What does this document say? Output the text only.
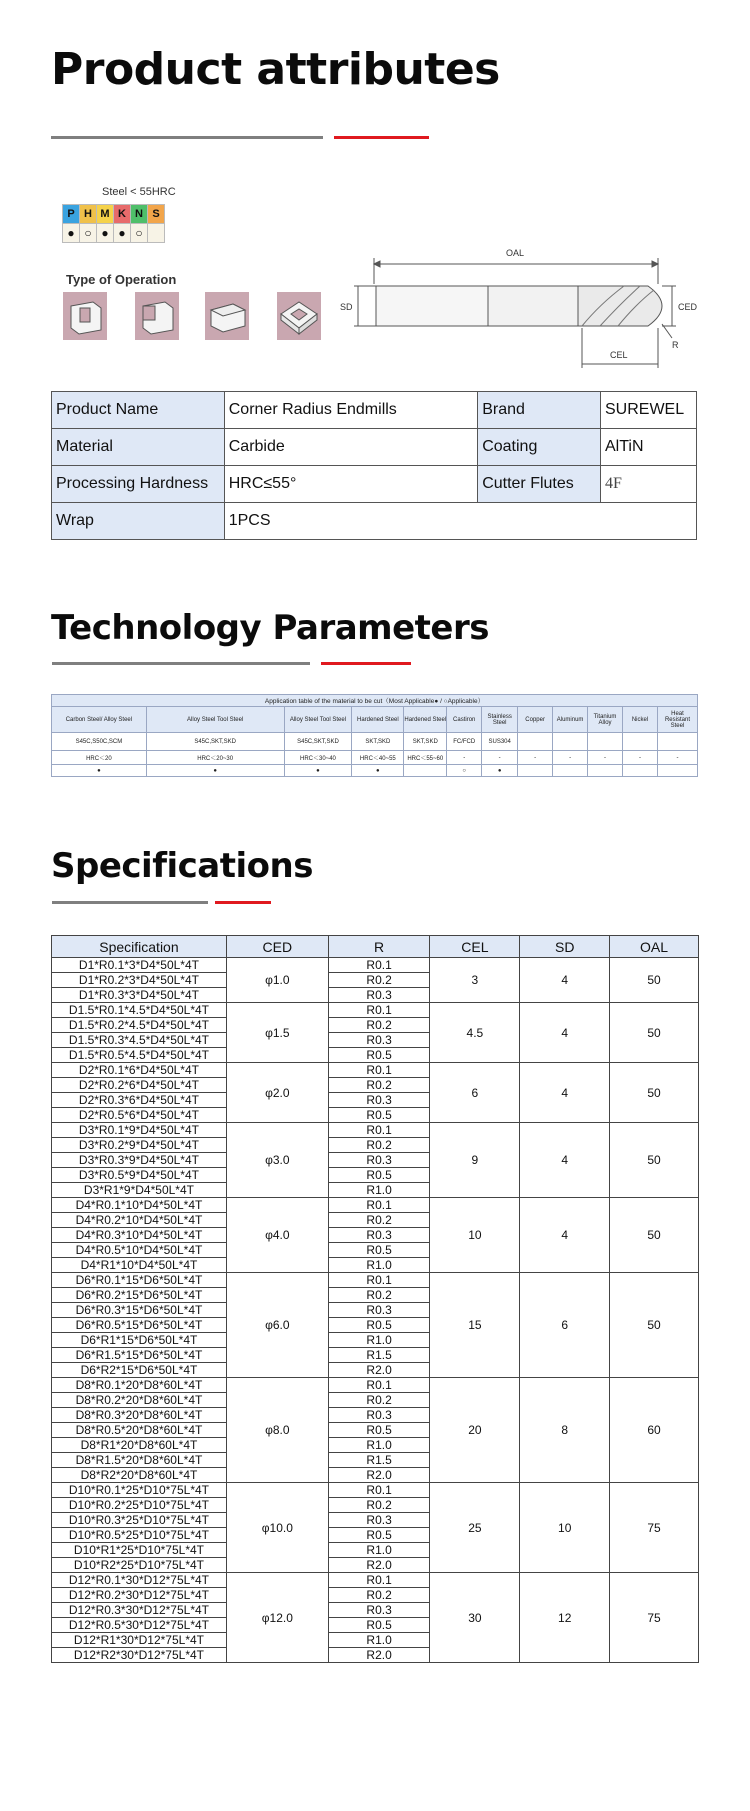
Product attributes
Steel < 55HRC
P	H	M	K	N	S
●	○	●	●	○	
Type of Operation
OAL
SD	CED
CEL
R
Product Name	Corner Radius Endmills	Brand	SUREWEL
Material	Carbide	Coating	AlTiN
Processing Hardness	HRC≤55°	Cutter Flutes	4F
Wrap	1PCS		
Technology Parameters
Application table of the material to be cut（Most Applicable● / ○Applicable）											
Carbon Steel/ Alloy Steel	Alloy Steel Tool Steel	Alloy Steel Tool Steel	Hardened Steel	Hardened Steel	Castiron	Stainless Steel	Copper	Aluminum	Titanium Alloy	Nickel	Heat Resistant Steel
S45C,S50C,SCM	S45C,SKT,SKD	S45C,SKT,SKD	SKT,SKD	SKT,SKD	FC/FCD	SUS304					
HRC＜20	HRC＜20~30	HRC＜30~40	HRC＜40~55	HRC＜55~60	-	-	-	-	-	-	-
●	●	●	●		○	●					
Specifications
Specification	CED	R	CEL	SD	OAL
D1*R0.1*3*D4*50L*4T	φ1.0	R0.1	3	4	50
D1*R0.2*3*D4*50L*4T		R0.2			
D1*R0.3*3*D4*50L*4T		R0.3			
D1.5*R0.1*4.5*D4*50L*4T	φ1.5	R0.1	4.5	4	50
D1.5*R0.2*4.5*D4*50L*4T		R0.2			
D1.5*R0.3*4.5*D4*50L*4T		R0.3			
D1.5*R0.5*4.5*D4*50L*4T		R0.5			
D2*R0.1*6*D4*50L*4T	φ2.0	R0.1	6	4	50
D2*R0.2*6*D4*50L*4T		R0.2			
D2*R0.3*6*D4*50L*4T		R0.3			
D2*R0.5*6*D4*50L*4T		R0.5			
D3*R0.1*9*D4*50L*4T	φ3.0	R0.1	9	4	50
D3*R0.2*9*D4*50L*4T		R0.2			
D3*R0.3*9*D4*50L*4T		R0.3			
D3*R0.5*9*D4*50L*4T		R0.5			
D3*R1*9*D4*50L*4T		R1.0			
D4*R0.1*10*D4*50L*4T	φ4.0	R0.1	10	4	50
D4*R0.2*10*D4*50L*4T		R0.2			
D4*R0.3*10*D4*50L*4T		R0.3			
D4*R0.5*10*D4*50L*4T		R0.5			
D4*R1*10*D4*50L*4T		R1.0			
D6*R0.1*15*D6*50L*4T	φ6.0	R0.1	15	6	50
D6*R0.2*15*D6*50L*4T		R0.2			
D6*R0.3*15*D6*50L*4T		R0.3			
D6*R0.5*15*D6*50L*4T		R0.5			
D6*R1*15*D6*50L*4T		R1.0			
D6*R1.5*15*D6*50L*4T		R1.5			
D6*R2*15*D6*50L*4T		R2.0			
D8*R0.1*20*D8*60L*4T	φ8.0	R0.1	20	8	60
D8*R0.2*20*D8*60L*4T		R0.2			
D8*R0.3*20*D8*60L*4T		R0.3			
D8*R0.5*20*D8*60L*4T		R0.5			
D8*R1*20*D8*60L*4T		R1.0			
D8*R1.5*20*D8*60L*4T		R1.5			
D8*R2*20*D8*60L*4T		R2.0			
D10*R0.1*25*D10*75L*4T	φ10.0	R0.1	25	10	75
D10*R0.2*25*D10*75L*4T		R0.2			
D10*R0.3*25*D10*75L*4T		R0.3			
D10*R0.5*25*D10*75L*4T		R0.5			
D10*R1*25*D10*75L*4T		R1.0			
D10*R2*25*D10*75L*4T		R2.0			
D12*R0.1*30*D12*75L*4T	φ12.0	R0.1	30	12	75
D12*R0.2*30*D12*75L*4T		R0.2			
D12*R0.3*30*D12*75L*4T		R0.3			
D12*R0.5*30*D12*75L*4T		R0.5			
D12*R1*30*D12*75L*4T		R1.0			
D12*R2*30*D12*75L*4T		R2.0			
